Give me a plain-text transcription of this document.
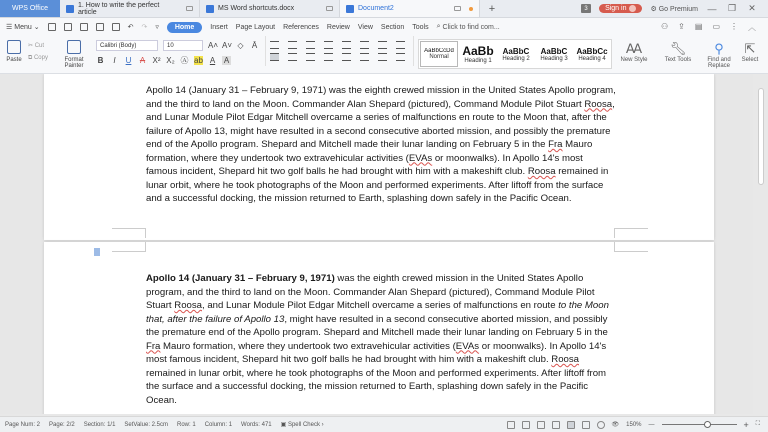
WPS Office	1. How to write the perfect article	MS Word shortcuts.docx	Document2	+	3	Sign in	⚙ Go Premium — ❐ ✕
☰ Menu ⌄	↶ ↷ ▿	Home	Insert Page Layout References Review View Section Tools ⌕ Click to find com...	⚇ ⇪ ▤ ▭ ⋮ ︿
Paste
✂ Cut
⧉ Copy	Format Painter
Calibri (Body)	10	A˄ A˅ ◇ Ā
B	I	U A X² X₂ Ⓐ ab A A
AaBbCcDd
Normal AaBb
Heading 1
AaBbC
Heading 2
AaBbC
Heading 3
AaBbCc
Heading 4
Ꜳ
New Style
🔧︎
Text Tools
⚲
Find and Replace
⇱
Select
Apollo 14 (January 31 – February 9, 1971) was the eighth crewed mission in the United States Apollo program, and the third to land on the Moon. Commander Alan Shepard (pictured), Command Module Pilot Stuart Roosa, and Lunar Module Pilot Edgar Mitchell overcame a series of malfunctions en route to the Moon that, after the failure of Apollo 13, might have resulted in a second consecutive aborted mission, and possibly the premature end of the Apollo program. Shepard and Mitchell made their lunar landing on February 5 in the Fra Mauro formation, where they undertook two extravehicular activities (EVAs or moonwalks). In Apollo 14's most famous incident, Shepard hit two golf balls he had brought with him with a makeshift club. Roosa remained in lunar orbit, where he took photographs of the Moon and performed experiments. After liftoff from the surface and a successful docking, the mission returned to Earth, splashing down safely in the Pacific Ocean.
Apollo 14 (January 31 – February 9, 1971) was the eighth crewed mission in the United States Apollo program, and the third to land on the Moon. Commander Alan Shepard (pictured), Command Module Pilot Stuart Roosa, and Lunar Module Pilot Edgar Mitchell overcame a series of malfunctions en route to the Moon that, after the failure of Apollo 13, might have resulted in a second consecutive aborted mission, and possibly the premature end of the Apollo program. Shepard and Mitchell made their lunar landing on February 5 in the Fra Mauro formation, where they undertook two extravehicular activities (EVAs or moonwalks). In Apollo 14's most famous incident, Shepard hit two golf balls he had brought with him with a makeshift club. Roosa remained in lunar orbit, where he took photographs of the Moon and performed experiments. After liftoff from the surface and a successful docking, the mission returned to Earth, splashing down safely in the Pacific Ocean.
Page Num: 2 Page: 2/2 Section: 1/1 SetValue: 2.5cm Row: 1 Column: 1 Words: 471 ▣ Spell Check ›	👁︎ 150% —	+ ⛶
